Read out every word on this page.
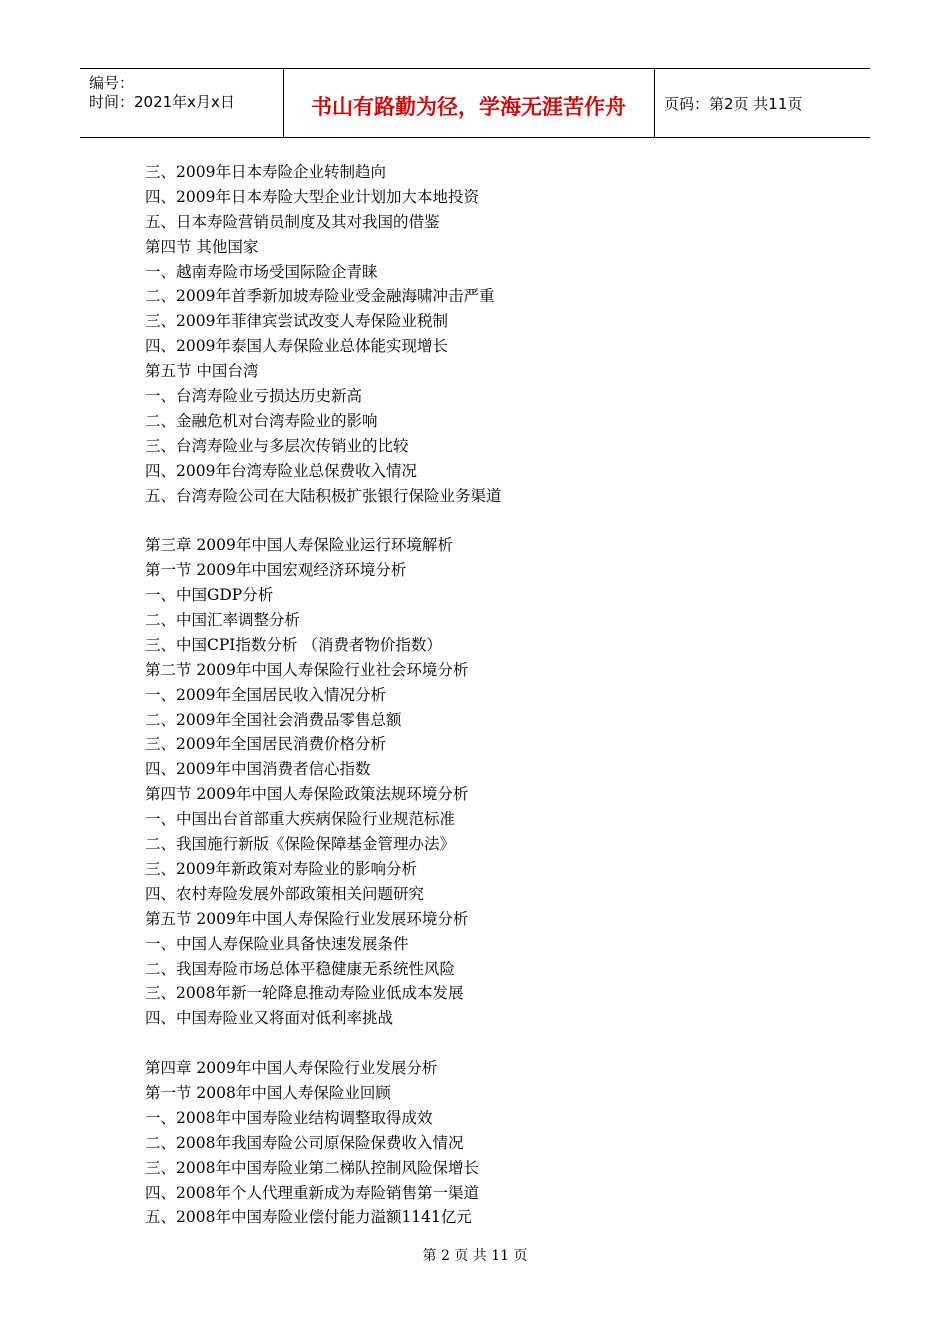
编号：
时间：2021年x月x日	书山有路勤为径，学海无涯苦作舟	页码：第2页 共11页
三、2009年日本寿险企业转制趋向
四、2009年日本寿险大型企业计划加大本地投资
五、日本寿险营销员制度及其对我国的借鉴
第四节 其他国家
一、越南寿险市场受国际险企青睐
二、2009年首季新加坡寿险业受金融海啸冲击严重
三、2009年菲律宾尝试改变人寿保险业税制
四、2009年泰国人寿保险业总体能实现增长
第五节 中国台湾
一、台湾寿险业亏损达历史新高
二、金融危机对台湾寿险业的影响
三、台湾寿险业与多层次传销业的比较
四、2009年台湾寿险业总保费收入情况
五、台湾寿险公司在大陆积极扩张银行保险业务渠道
第三章 2009年中国人寿保险业运行环境解析
第一节 2009年中国宏观经济环境分析
一、中国GDP分析
二、中国汇率调整分析
三、中国CPI指数分析 （消费者物价指数）
第二节 2009年中国人寿保险行业社会环境分析
一、2009年全国居民收入情况分析
二、2009年全国社会消费品零售总额
三、2009年全国居民消费价格分析
四、2009年中国消费者信心指数
第四节 2009年中国人寿保险政策法规环境分析
一、中国出台首部重大疾病保险行业规范标准
二、我国施行新版《保险保障基金管理办法》
三、2009年新政策对寿险业的影响分析
四、农村寿险发展外部政策相关问题研究
第五节 2009年中国人寿保险行业发展环境分析
一、中国人寿保险业具备快速发展条件
二、我国寿险市场总体平稳健康无系统性风险
三、2008年新一轮降息推动寿险业低成本发展
四、中国寿险业又将面对低利率挑战
第四章 2009年中国人寿保险行业发展分析
第一节 2008年中国人寿保险业回顾
一、2008年中国寿险业结构调整取得成效
二、2008年我国寿险公司原保险保费收入情况
三、2008年中国寿险业第二梯队控制风险保增长
四、2008年个人代理重新成为寿险销售第一渠道
五、2008年中国寿险业偿付能力溢额1141亿元
第 2 页 共 11 页
